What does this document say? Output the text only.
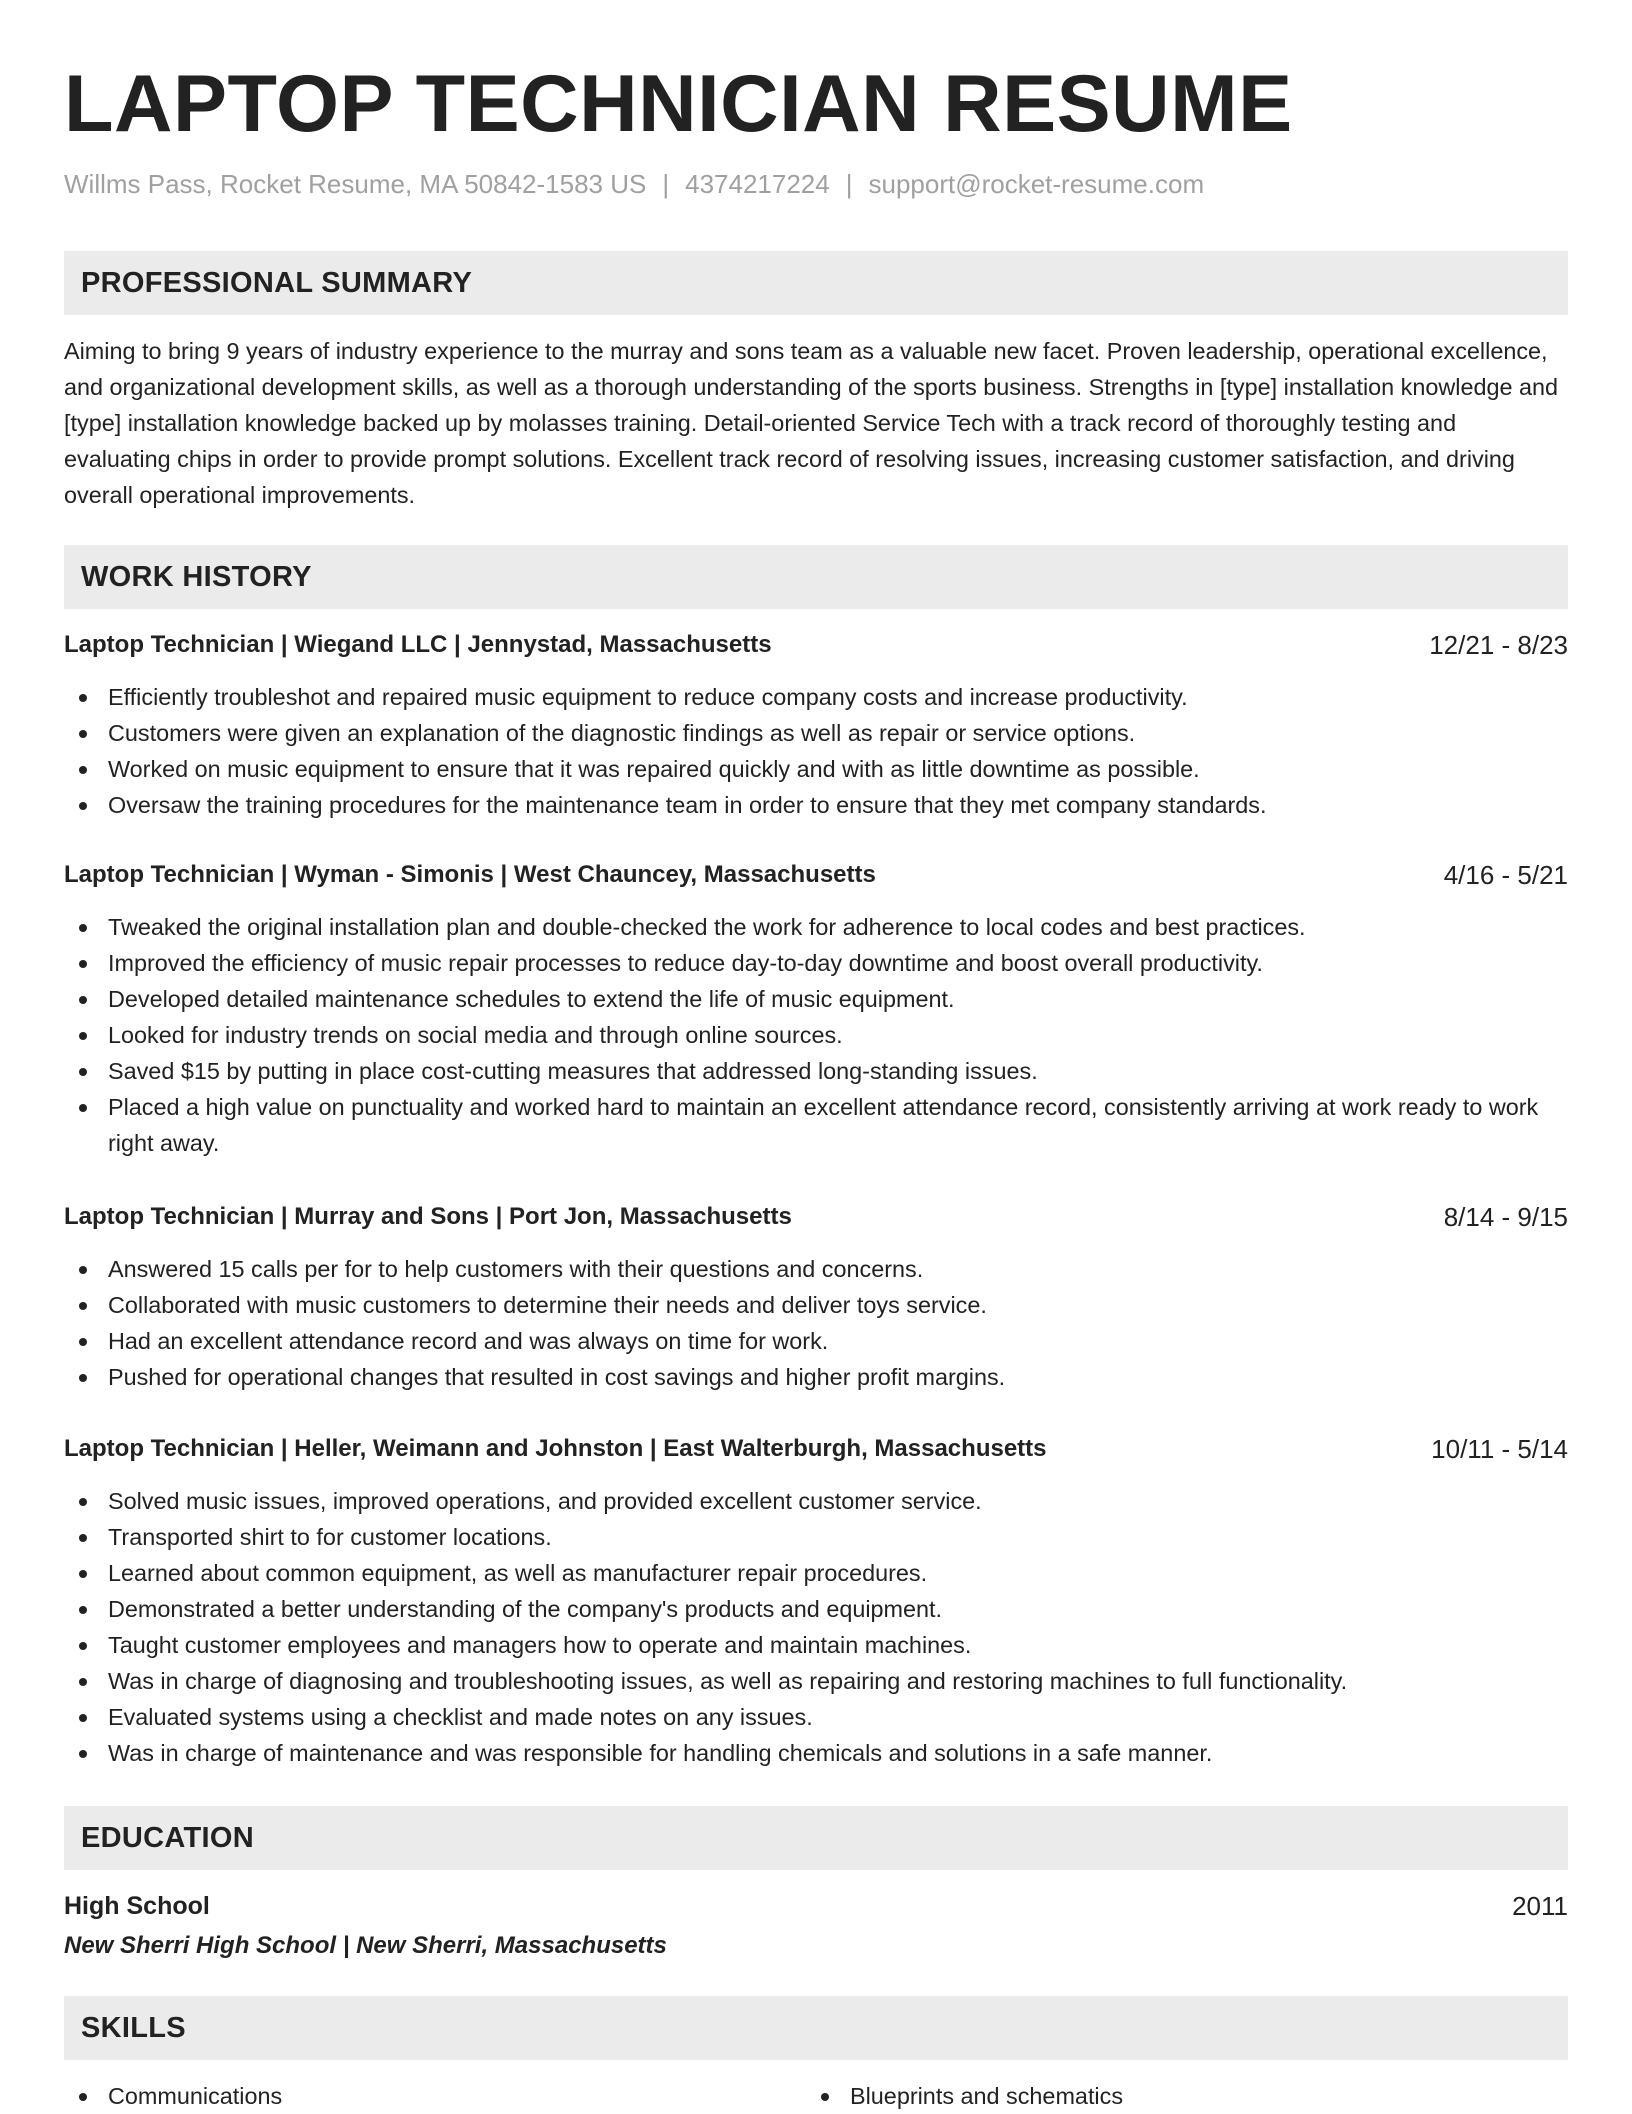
LAPTOP TECHNICIAN RESUME
Willms Pass, Rocket Resume, MA 50842-1583 US | 4374217224 | support@rocket-resume.com
PROFESSIONAL SUMMARY

Aiming to bring 9 years of industry experience to the murray and sons team as a valuable new facet. Proven leadership, operational excellence, and organizational development skills, as well as a thorough understanding of the sports business. Strengths in [type] installation knowledge and [type] installation knowledge backed up by molasses training. Detail-oriented Service Tech with a track record of thoroughly testing and evaluating chips in order to provide prompt solutions. Excellent track record of resolving issues, increasing customer satisfaction, and driving overall operational improvements.

WORK HISTORY
Laptop Technician | Wiegand LLC | Jennystad, Massachusetts	12/21 - 8/23
Efficiently troubleshot and repaired music equipment to reduce company costs and increase productivity.
Customers were given an explanation of the diagnostic findings as well as repair or service options.
Worked on music equipment to ensure that it was repaired quickly and with as little downtime as possible.
Oversaw the training procedures for the maintenance team in order to ensure that they met company standards.
Laptop Technician | Wyman - Simonis | West Chauncey, Massachusetts	4/16 - 5/21
Tweaked the original installation plan and double-checked the work for adherence to local codes and best practices.
Improved the efficiency of music repair processes to reduce day-to-day downtime and boost overall productivity.
Developed detailed maintenance schedules to extend the life of music equipment.
Looked for industry trends on social media and through online sources.
Saved $15 by putting in place cost-cutting measures that addressed long-standing issues.
Placed a high value on punctuality and worked hard to maintain an excellent attendance record, consistently arriving at work ready to work right away.
Laptop Technician | Murray and Sons | Port Jon, Massachusetts	8/14 - 9/15
Answered 15 calls per for to help customers with their questions and concerns.
Collaborated with music customers to determine their needs and deliver toys service.
Had an excellent attendance record and was always on time for work.
Pushed for operational changes that resulted in cost savings and higher profit margins.
Laptop Technician | Heller, Weimann and Johnston | East Walterburgh, Massachusetts	10/11 - 5/14
Solved music issues, improved operations, and provided excellent customer service.
Transported shirt to for customer locations.
Learned about common equipment, as well as manufacturer repair procedures.
Demonstrated a better understanding of the company's products and equipment.
Taught customer employees and managers how to operate and maintain machines.
Was in charge of diagnosing and troubleshooting issues, as well as repairing and restoring machines to full functionality.
Evaluated systems using a checklist and made notes on any issues.
Was in charge of maintenance and was responsible for handling chemicals and solutions in a safe manner.
EDUCATION
High School	2011
New Sherri High School | New Sherri, Massachusetts
SKILLS
Communications	Blueprints and schematics
